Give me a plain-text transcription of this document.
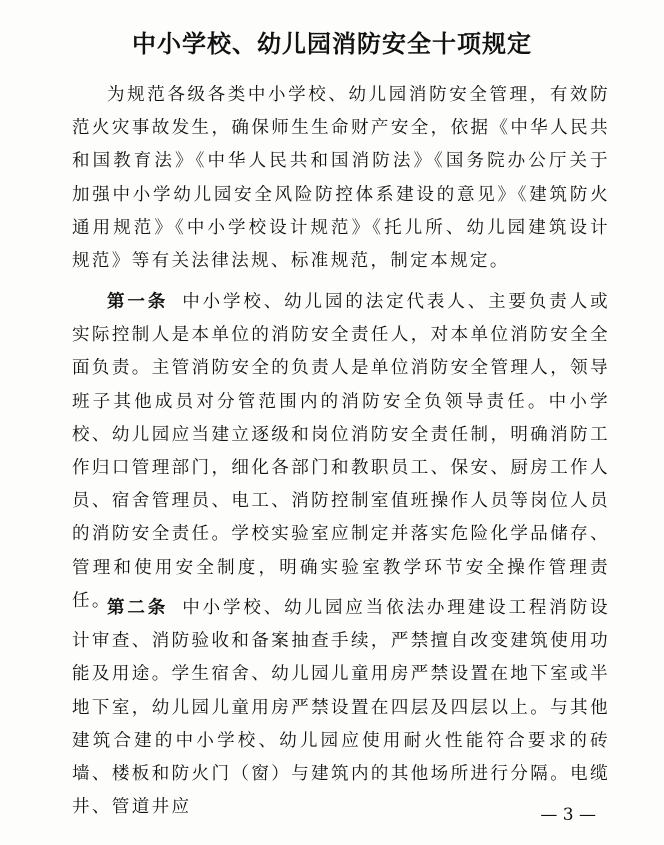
中小学校、幼儿园消防安全十项规定

为规范各级各类中小学校、幼儿园消防安全管理，有效防范火灾事故发生，确保师生生命财产安全，依据《中华人民共和国教育法》《中华人民共和国消防法》《国务院办公厅关于加强中小学幼儿园安全风险防控体系建设的意见》《建筑防火通用规范》《中小学校设计规范》《托儿所、幼儿园建筑设计规范》等有关法律法规、标准规范，制定本规定。

第一条 中小学校、幼儿园的法定代表人、主要负责人或实际控制人是本单位的消防安全责任人，对本单位消防安全全面负责。主管消防安全的负责人是单位消防安全管理人，领导班子其他成员对分管范围内的消防安全负领导责任。中小学校、幼儿园应当建立逐级和岗位消防安全责任制，明确消防工作归口管理部门，细化各部门和教职员工、保安、厨房工作人员、宿舍管理员、电工、消防控制室值班操作人员等岗位人员的消防安全责任。学校实验室应制定并落实危险化学品储存、管理和使用安全制度，明确实验室教学环节安全操作管理责任。

第二条 中小学校、幼儿园应当依法办理建设工程消防设计审查、消防验收和备案抽查手续，严禁擅自改变建筑使用功能及用途。学生宿舍、幼儿园儿童用房严禁设置在地下室或半地下室，幼儿园儿童用房严禁设置在四层及四层以上。与其他建筑合建的中小学校、幼儿园应使用耐火性能符合要求的砖墙、楼板和防火门（窗）与建筑内的其他场所进行分隔。电缆井、管道井应	— 3 —
